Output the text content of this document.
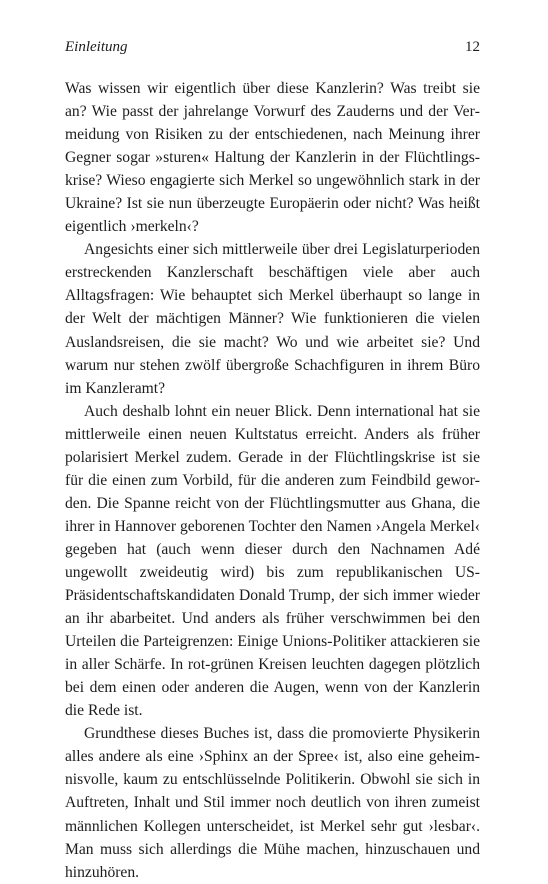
Einleitung	12

Was wissen wir eigentlich über diese Kanzlerin? Was treibt sie an? Wie passt der jahrelange Vorwurf des Zauderns und der Vermeidung von Risiken zu der entschiedenen, nach Meinung ihrer Gegner sogar »sturen« Haltung der Kanzlerin in der Flüchtlingskrise? Wieso engagierte sich Merkel so ungewöhnlich stark in der Ukraine? Ist sie nun überzeugte Europäerin oder nicht? Was heißt eigentlich ›merkeln‹?

Angesichts einer sich mittlerweile über drei Legislaturperioden erstreckenden Kanzlerschaft beschäftigen viele aber auch Alltagsfragen: Wie behauptet sich Merkel überhaupt so lange in der Welt der mächtigen Männer? Wie funktionieren die vielen Auslandsreisen, die sie macht? Wo und wie arbeitet sie? Und warum nur stehen zwölf übergroße Schachfiguren in ihrem Büro im Kanzleramt?

Auch deshalb lohnt ein neuer Blick. Denn international hat sie mittlerweile einen neuen Kultstatus erreicht. Anders als früher polarisiert Merkel zudem. Gerade in der Flüchtlingskrise ist sie für die einen zum Vorbild, für die anderen zum Feindbild geworden. Die Spanne reicht von der Flüchtlingsmutter aus Ghana, die ihrer in Hannover geborenen Tochter den Namen ›Angela Merkel‹ gegeben hat (auch wenn dieser durch den Nachnamen Adé ungewollt zweideutig wird) bis zum republikanischen US-Präsidentschaftskandidaten Donald Trump, der sich immer wieder an ihr abarbeitet. Und anders als früher verschwimmen bei den Urteilen die Parteigrenzen: Einige Unions-Politiker attackieren sie in aller Schärfe. In rot-grünen Kreisen leuchten dagegen plötzlich bei dem einen oder anderen die Augen, wenn von der Kanzlerin die Rede ist.

Grundthese dieses Buches ist, dass die promovierte Physikerin alles andere als eine ›Sphinx an der Spree‹ ist, also eine geheimnisvolle, kaum zu entschlüsselnde Politikerin. Obwohl sie sich in Auftreten, Inhalt und Stil immer noch deutlich von ihren zumeist männlichen Kollegen unterscheidet, ist Merkel sehr gut ›lesbar‹. Man muss sich allerdings die Mühe machen, hinzuschauen und hinzuhören.
